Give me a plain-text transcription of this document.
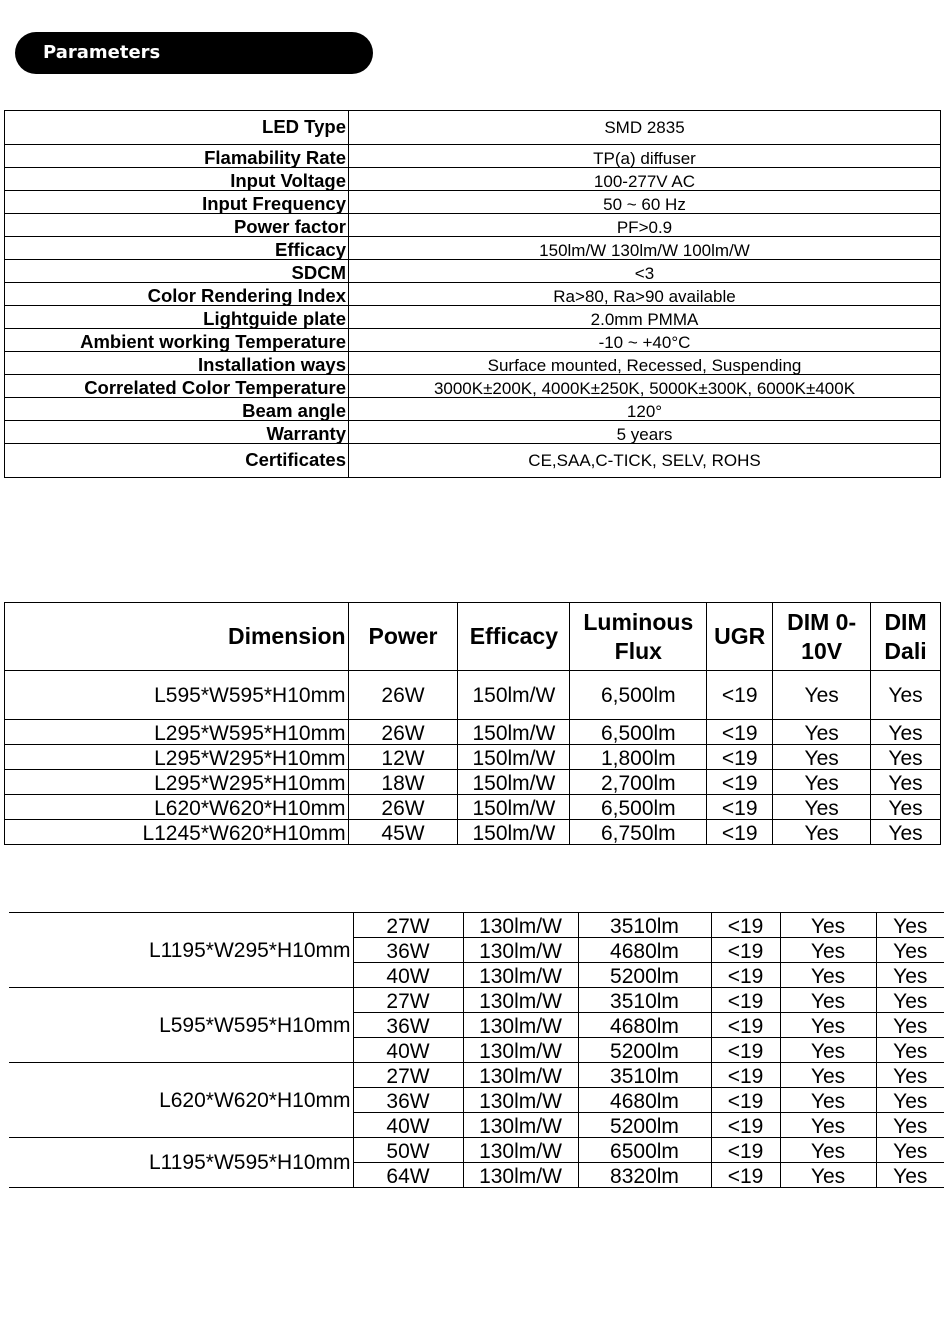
Parameters
LED Type	SMD 2835
Flamability Rate	TP(a) diffuser
Input Voltage	100-277V AC
Input Frequency	50 ~ 60 Hz
Power factor	PF>0.9
Efficacy	150lm/W 130lm/W 100lm/W
SDCM	<3
Color Rendering Index	Ra>80, Ra>90 available
Lightguide plate	2.0mm PMMA
Ambient working Temperature	-10 ~ +40°C
Installation ways	Surface mounted, Recessed, Suspending
Correlated Color Temperature	3000K±200K, 4000K±250K, 5000K±300K, 6000K±400K
Beam angle	120°
Warranty	5 years
Certificates	CE,SAA,C-TICK, SELV, ROHS
Dimension	Power	Efficacy	Luminous Flux	UGR	DIM 0-10V	DIM Dali
L595*W595*H10mm	26W	150lm/W	6,500lm	<19	Yes	Yes
L295*W595*H10mm	26W	150lm/W	6,500lm	<19	Yes	Yes
L295*W295*H10mm	12W	150lm/W	1,800lm	<19	Yes	Yes
L295*W295*H10mm	18W	150lm/W	2,700lm	<19	Yes	Yes
L620*W620*H10mm	26W	150lm/W	6,500lm	<19	Yes	Yes
L1245*W620*H10mm	45W	150lm/W	6,750lm	<19	Yes	Yes
L1195*W295*H10mm	27W	130lm/W	3510lm	<19	Yes	Yes
	36W	130lm/W	4680lm	<19	Yes	Yes
	40W	130lm/W	5200lm	<19	Yes	Yes
L595*W595*H10mm	27W	130lm/W	3510lm	<19	Yes	Yes
	36W	130lm/W	4680lm	<19	Yes	Yes
	40W	130lm/W	5200lm	<19	Yes	Yes
L620*W620*H10mm	27W	130lm/W	3510lm	<19	Yes	Yes
	36W	130lm/W	4680lm	<19	Yes	Yes
	40W	130lm/W	5200lm	<19	Yes	Yes
L1195*W595*H10mm	50W	130lm/W	6500lm	<19	Yes	Yes
	64W	130lm/W	8320lm	<19	Yes	Yes
